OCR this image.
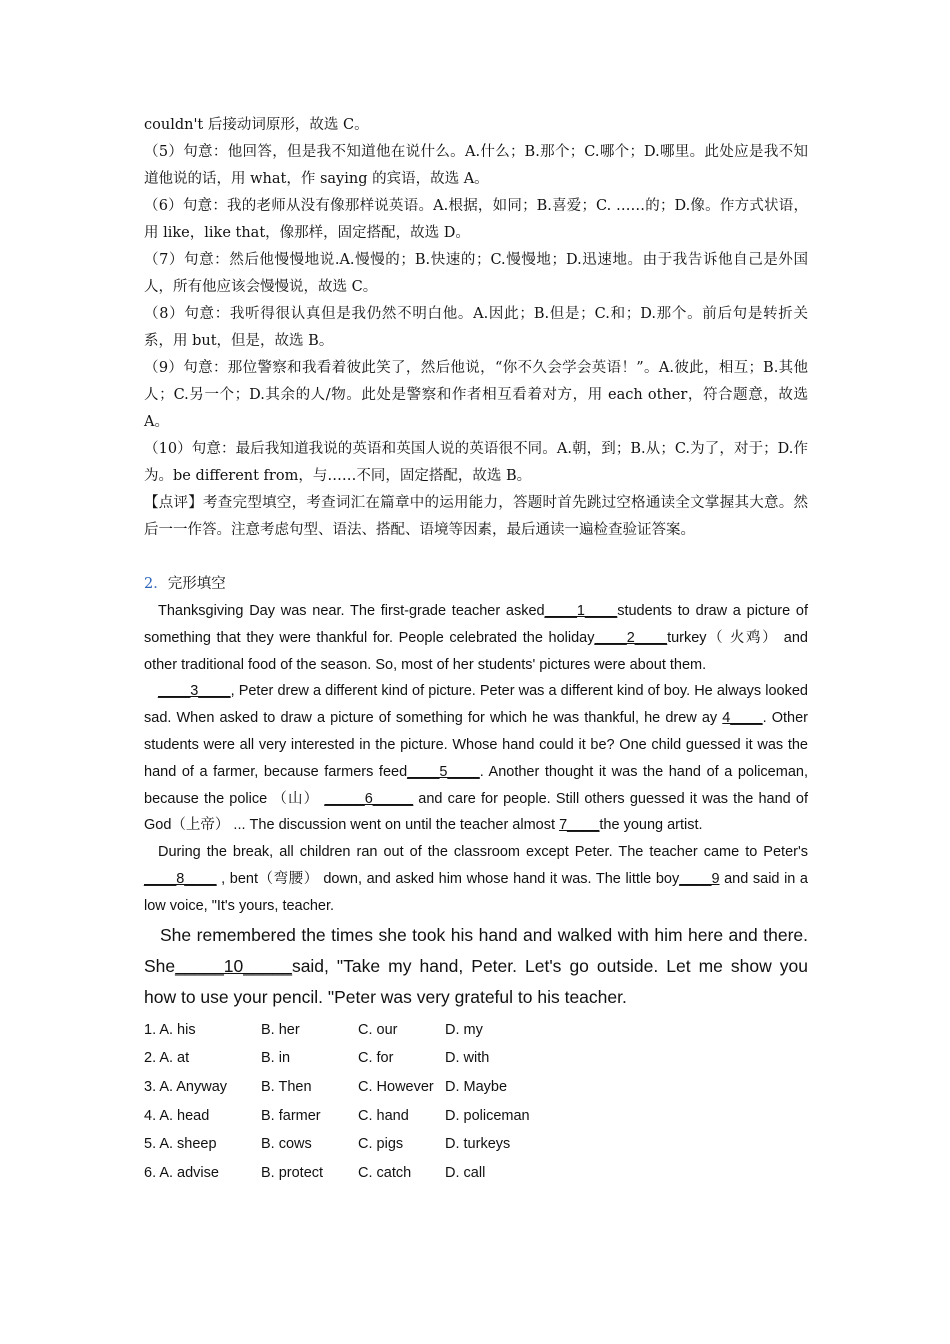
couldn't 后接动词原形，故选 C。

（5）句意：他回答，但是我不知道他在说什么。A.什么；B.那个；C.哪个；D.哪里。此处应是我不知道他说的话，用 what，作 saying 的宾语，故选 A。

（6）句意：我的老师从没有像那样说英语。A.根据，如同；B.喜爱；C. ……的；D.像。作方式状语，用 like，like that，像那样，固定搭配，故选 D。

（7）句意：然后他慢慢地说.A.慢慢的；B.快速的；C.慢慢地；D.迅速地。由于我告诉他自己是外国人，所有他应该会慢慢说，故选 C。

（8）句意：我听得很认真但是我仍然不明白他。A.因此；B.但是；C.和；D.那个。前后句是转折关系，用 but，但是，故选 B。

（9）句意：那位警察和我看着彼此笑了，然后他说，“你不久会学会英语！”。A.彼此，相互；B.其他人；C.另一个；D.其余的人/物。此处是警察和作者相互看着对方，用 each other，符合题意，故选 A。

（10）句意：最后我知道我说的英语和英国人说的英语很不同。A.朝，到；B.从；C.为了，对于；D.作为。be different from，与……不同，固定搭配，故选 B。

【点评】考查完型填空，考查词汇在篇章中的运用能力，答题时首先跳过空格通读全文掌握其大意。然后一一作答。注意考虑句型、语法、搭配、语境等因素，最后通读一遍检查验证答案。

2．完形填空

Thanksgiving Day was near. The first-grade teacher asked____1____students to draw a picture of something that they were thankful for. People celebrated the holiday____2____turkey（ 火鸡） and other traditional food of the season. So, most of her students' pictures were about them.

____3____, Peter drew a different kind of picture. Peter was a different kind of boy. He always looked sad. When asked to draw a picture of something for which he was thankful, he drew ay 4____. Other students were all very interested in the picture. Whose hand could it be? One child guessed it was the hand of a farmer, because farmers feed____5____. Another thought it was the hand of a policeman, because the police （山） _____6_____ and care for people. Still others guessed it was the hand of God（上帝） ... The discussion went on until the teacher almost 7____the young artist.

During the break, all children ran out of the classroom except Peter. The teacher came to Peter's ____8____ , bent（弯腰） down, and asked him whose hand it was. The little boy____9 and said in a low voice, "It's yours, teacher.

She remembered the times she took his hand and walked with him here and there. She_____10_____said, "Take my hand, Peter. Let's go outside. Let me show you how to use your pencil. "Peter was very grateful to his teacher.

1. A. his	B. her	C. our	D. my
2. A. at	B. in	C. for	D. with
3. A. Anyway	B. Then	C. However D. Maybe
4. A. head	B. farmer	C. hand	D. policeman
5. A. sheep	B. cows	C. pigs	D. turkeys
6. A. advise	B. protect	C. catch	D. call
